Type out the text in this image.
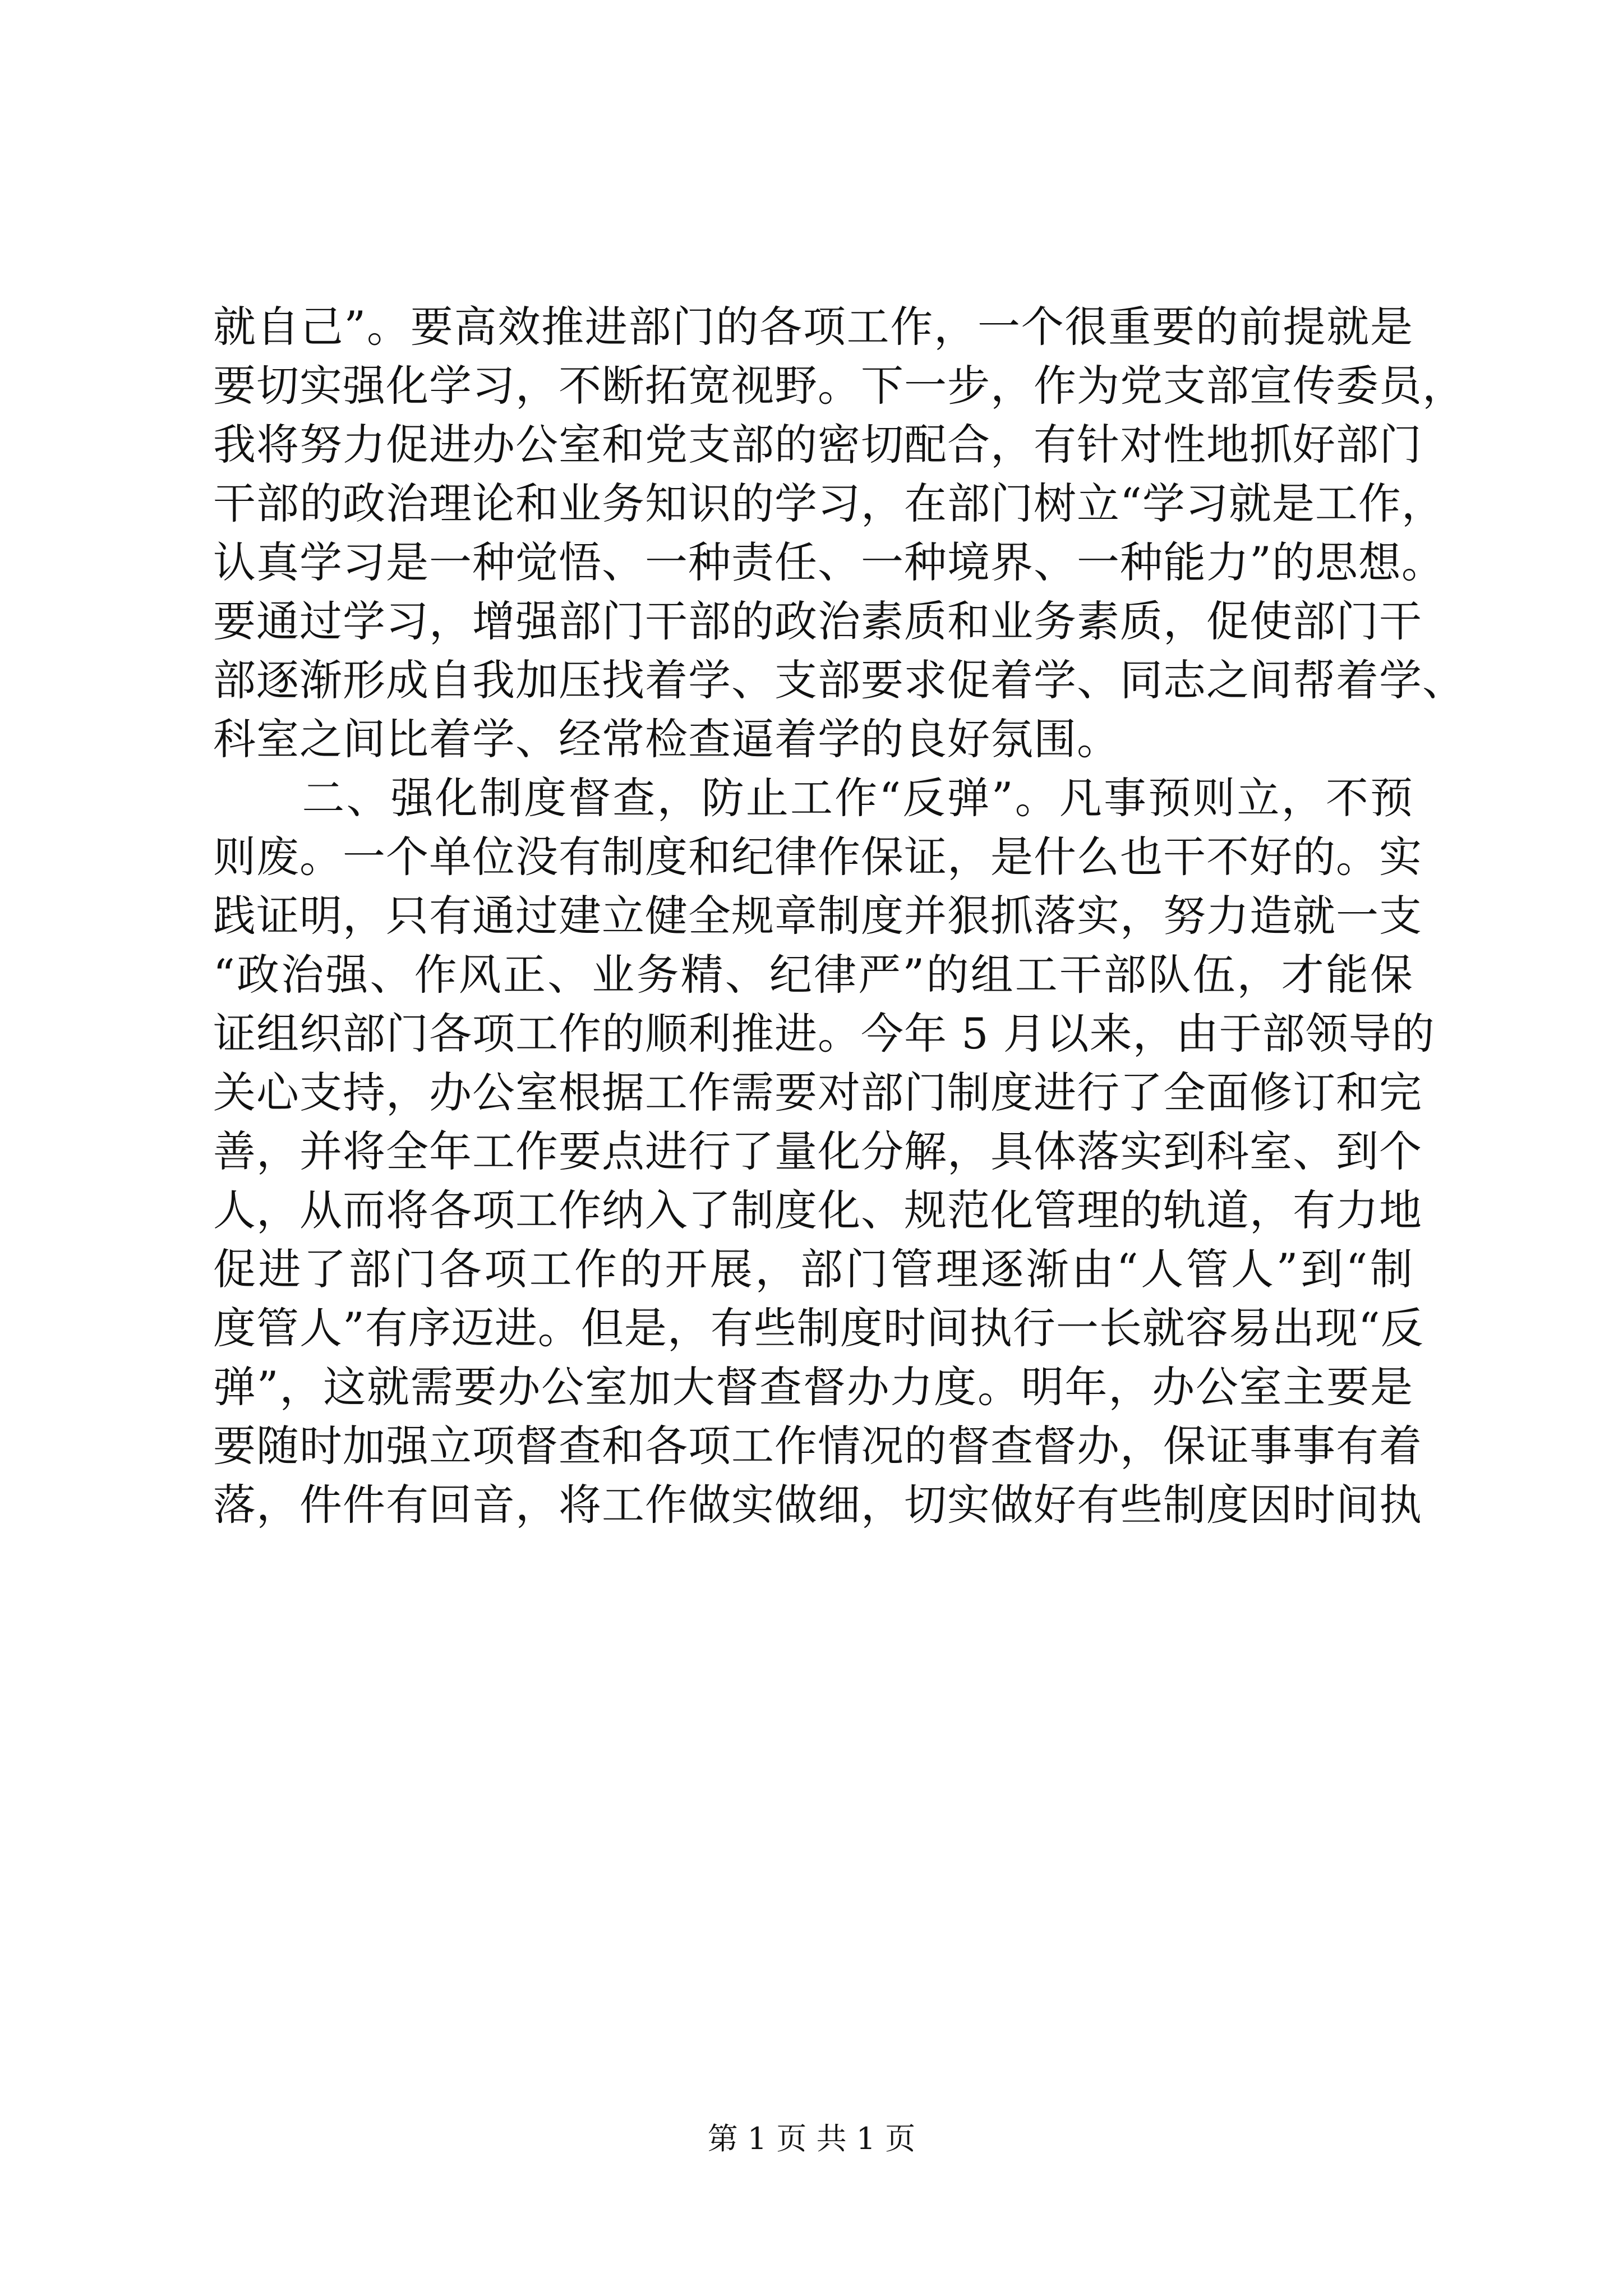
就自己”。要高效推进部门的各项工作，一个很重要的前提就是
要切实强化学习，不断拓宽视野。下一步，作为党支部宣传委员，
我将努力促进办公室和党支部的密切配合，有针对性地抓好部门
干部的政治理论和业务知识的学习，在部门树立“学习就是工作，
认真学习是一种觉悟、一种责任、一种境界、一种能力”的思想。
要通过学习，增强部门干部的政治素质和业务素质，促使部门干
部逐渐形成自我加压找着学、支部要求促着学、同志之间帮着学、
科室之间比着学、经常检查逼着学的良好氛围。
　　二、强化制度督查，防止工作“反弹”。凡事预则立，不预
则废。一个单位没有制度和纪律作保证，是什么也干不好的。实
践证明，只有通过建立健全规章制度并狠抓落实，努力造就一支
“政治强、作风正、业务精、纪律严”的组工干部队伍，才能保
证组织部门各项工作的顺利推进。今年 5 月以来，由于部领导的
关心支持，办公室根据工作需要对部门制度进行了全面修订和完
善，并将全年工作要点进行了量化分解，具体落实到科室、到个
人，从而将各项工作纳入了制度化、规范化管理的轨道，有力地
促进了部门各项工作的开展，部门管理逐渐由“人管人”到“制
度管人”有序迈进。但是，有些制度时间执行一长就容易出现“反
弹”，这就需要办公室加大督查督办力度。明年，办公室主要是
要随时加强立项督查和各项工作情况的督查督办，保证事事有着
落，件件有回音，将工作做实做细，切实做好有些制度因时间执
第 1 页 共 1 页
